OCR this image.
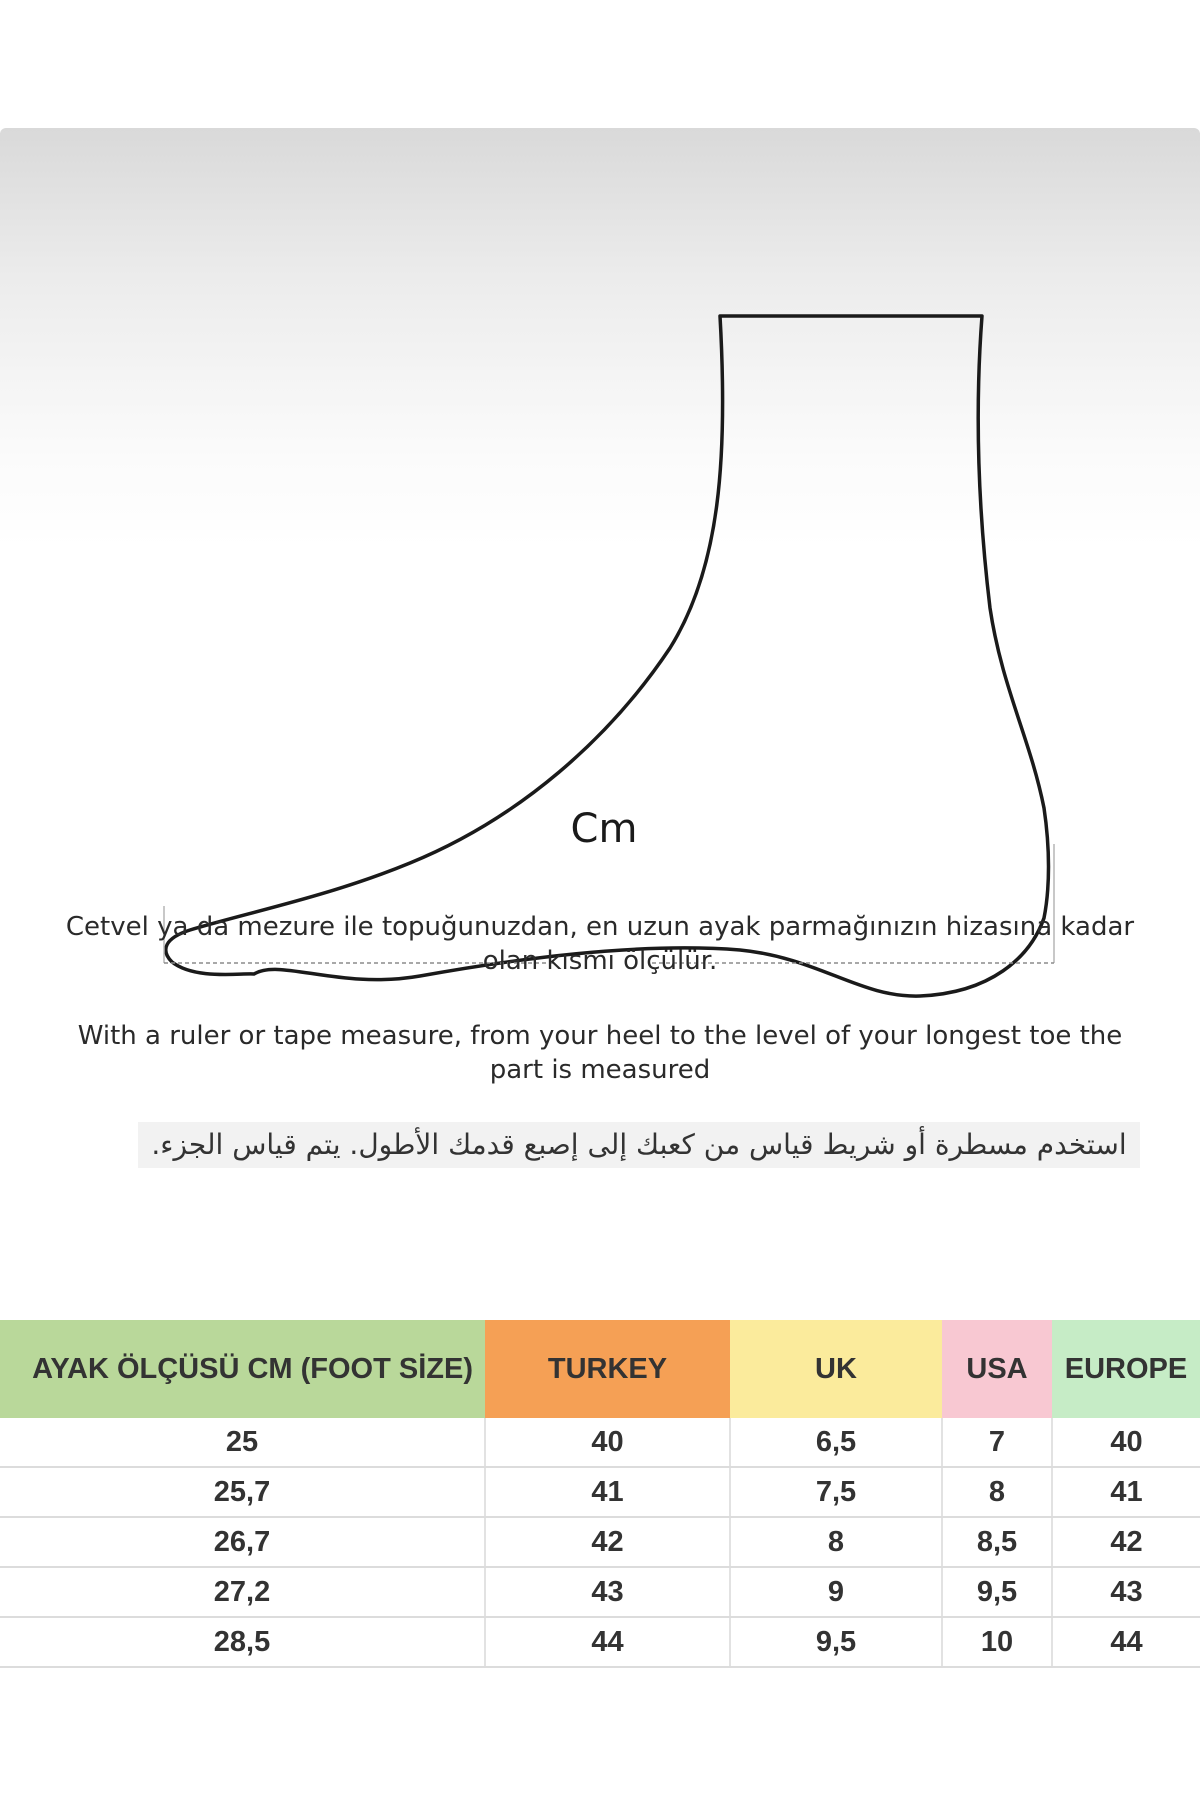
Cm
Cetvel ya da mezure ile topuğunuzdan, en uzun ayak parmağınızın hizasına kadar olan kısmı ölçülür.
With a ruler or tape measure, from your heel to the level of your longest toe the part is measured
استخدم مسطرة أو شريط قياس من كعبك إلى إصبع قدمك الأطول. يتم قياس الجزء.
AYAK ÖLÇÜSÜ CM (FOOT SİZE)	TURKEY	UK	USA	EUROPE
25	40	6,5	7	40
25,7	41	7,5	8	41
26,7	42	8	8,5	42
27,2	43	9	9,5	43
28,5	44	9,5	10	44
